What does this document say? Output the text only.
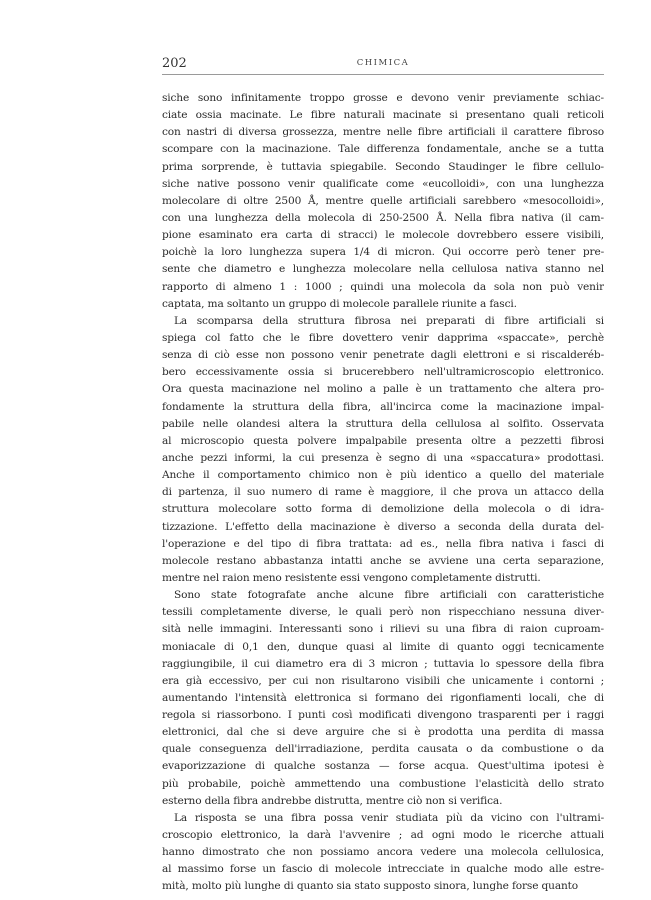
202	CHIMICA
siche sono infinitamente troppo grosse e devono venir previamente schiac-
ciate ossia macinate. Le fibre naturali macinate si presentano quali reticoli
con nastri di diversa grossezza, mentre nelle fibre artificiali il carattere fibroso
scompare con la macinazione. Tale differenza fondamentale, anche se a tutta
prima sorprende, è tuttavia spiegabile. Secondo Staudinger le fibre cellulo-
siche native possono venir qualificate come «eucolloidi», con una lunghezza
molecolare di oltre 2500 Å, mentre quelle artificiali sarebbero «mesocolloidi»,
con una lunghezza della molecola di 250-2500 Å. Nella fibra nativa (il cam-
pione esaminato era carta di stracci) le molecole dovrebbero essere visibili,
poichè la loro lunghezza supera 1/4 di micron. Qui occorre però tener pre-
sente che diametro e lunghezza molecolare nella cellulosa nativa stanno nel
rapporto di almeno 1 : 1000 ; quindi una molecola da sola non può venir
captata, ma soltanto un gruppo di molecole parallele riunite a fasci.
La scomparsa della struttura fibrosa nei preparati di fibre artificiali si
spiega col fatto che le fibre dovettero venir dapprima «spaccate», perchè
senza di ciò esse non possono venir penetrate dagli elettroni e si riscalderéb-
bero eccessivamente ossia si brucerebbero nell'ultramicroscopio elettronico.
Ora questa macinazione nel molino a palle è un trattamento che altera pro-
fondamente la struttura della fibra, all'incirca come la macinazione impal-
pabile nelle olandesi altera la struttura della cellulosa al solfito. Osservata
al microscopio questa polvere impalpabile presenta oltre a pezzetti fibrosi
anche pezzi informi, la cui presenza è segno di una «spaccatura» prodottasi.
Anche il comportamento chimico non è più identico a quello del materiale
di partenza, il suo numero di rame è maggiore, il che prova un attacco della
struttura molecolare sotto forma di demolizione della molecola o di idra-
tizzazione. L'effetto della macinazione è diverso a seconda della durata del-
l'operazione e del tipo di fibra trattata: ad es., nella fibra nativa i fasci di
molecole restano abbastanza intatti anche se avviene una certa separazione,
mentre nel raion meno resistente essi vengono completamente distrutti.
Sono state fotografate anche alcune fibre artificiali con caratteristiche
tessili completamente diverse, le quali però non rispecchiano nessuna diver-
sità nelle immagini. Interessanti sono i rilievi su una fibra di raion cuproam-
moniacale di 0,1 den, dunque quasi al limite di quanto oggi tecnicamente
raggiungibile, il cui diametro era di 3 micron ; tuttavia lo spessore della fibra
era già eccessivo, per cui non risultarono visibili che unicamente i contorni ;
aumentando l'intensità elettronica si formano dei rigonfiamenti locali, che di
regola si riassorbono. I punti così modificati divengono trasparenti per i raggi
elettronici, dal che si deve arguire che si è prodotta una perdita di massa
quale conseguenza dell'irradiazione, perdita causata o da combustione o da
evaporizzazione di qualche sostanza — forse acqua. Quest'ultima ipotesi è
più probabile, poichè ammettendo una combustione l'elasticità dello strato
esterno della fibra andrebbe distrutta, mentre ciò non si verifica.
La risposta se una fibra possa venir studiata più da vicino con l'ultrami-
croscopio elettronico, la darà l'avvenire ; ad ogni modo le ricerche attuali
hanno dimostrato che non possiamo ancora vedere una molecola cellulosica,
al massimo forse un fascio di molecole intrecciate in qualche modo alle estre-
mità, molto più lunghe di quanto sia stato supposto sinora, lunghe forse quanto
